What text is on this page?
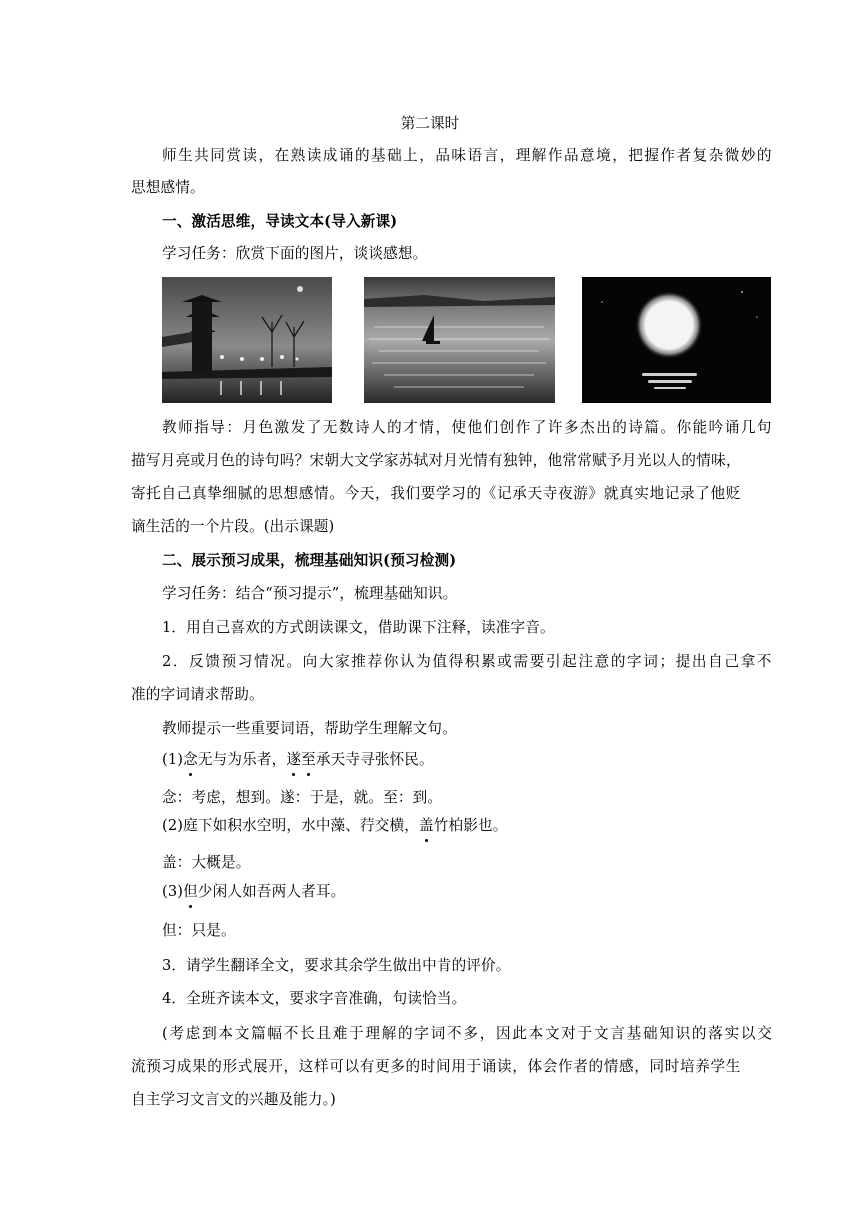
第二课时
师 生 共 同 赏 读 ， 在 熟 读 成 诵 的 基 础 上 ， 品 味 语 言 ， 理 解 作 品 意 境 ， 把 握 作 者 复 杂 微 妙 的
思想感情。
一、激活思维，导读文本(导入新课)
学习任务：欣赏下面的图片，谈谈感想。
教 师 指 导 ： 月 色 激 发 了 无 数 诗 人 的 才 情 ， 使 他 们 创 作 了 许 多 杰 出 的 诗 篇 。 你 能 吟 诵 几 句
描 写 月 亮 或 月 色 的 诗 句 吗 ？ 宋 朝 大 文 学 家 苏 轼 对 月 光 情 有 独 钟 ， 他 常 常 赋 予 月 光 以 人 的 情 味 ，
寄 托 自 己 真 挚 细 腻 的 思 想 感 情 。 今 天 ， 我 们 要 学 习 的 《 记 承 天 寺 夜 游 》 就 真 实 地 记 录 了 他 贬
谪生活的一个片段。(出示课题)
二、展示预习成果，梳理基础知识(预习检测)
学习任务：结合“预习提示”，梳理基础知识。
1．用自己喜欢的方式朗读课文，借助课下注释，读准字音。
2 ． 反 馈 预 习 情 况 。 向 大 家 推 荐 你 认 为 值 得 积 累 或 需 要 引 起 注 意 的 字 词 ； 提 出 自 己 拿 不
准的字词请求帮助。
教师提示一些重要词语，帮助学生理解文句。
(1)念无与为乐者，遂至承天寺寻张怀民。
念：考虑，想到。遂：于是，就。至：到。
(2)庭下如积水空明，水中藻、荇交横，盖竹柏影也。
盖：大概是。
(3)但少闲人如吾两人者耳。
但：只是。
3．请学生翻译全文，要求其余学生做出中肯的评价。
4．全班齐读本文，要求字音准确，句读恰当。
( 考 虑 到 本 文 篇 幅 不 长 且 难 于 理 解 的 字 词 不 多 ， 因 此 本 文 对 于 文 言 基 础 知 识 的 落 实 以 交
流 预 习 成 果 的 形 式 展 开 ， 这 样 可 以 有 更 多 的 时 间 用 于 诵 读 ， 体 会 作 者 的 情 感 ， 同 时 培 养 学 生
自主学习文言文的兴趣及能力。)
